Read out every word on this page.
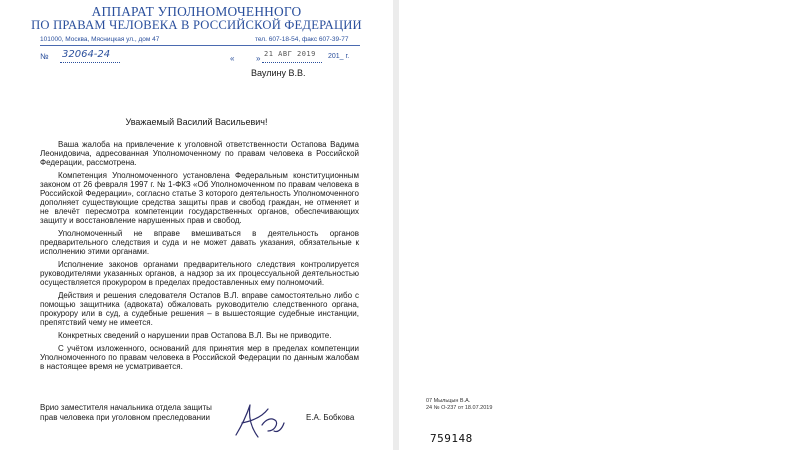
АППАРАТ УПОЛНОМОЧЕННОГО
ПО ПРАВАМ ЧЕЛОВЕКА В РОССИЙСКОЙ ФЕДЕРАЦИИ
101000, Москва, Мясницкая ул., дом 47	тел. 607-18-54, факс 607-39-77
№ 32064-24	«	» 21 АВГ 2019 201_ г.
Ваулину В.В.
Уважаемый Василий Васильевич!

Ваша жалоба на привлечение к уголовной ответственности Остапова Вадима Леонидовича, адресованная Уполномоченному по правам человека в Российской Федерации, рассмотрена.

Компетенция Уполномоченного установлена Федеральным конституционным законом от 26 февраля 1997 г. № 1-ФКЗ «Об Уполномоченном по правам человека в Российской Федерации», согласно статье 3 которого деятельность Уполномоченного дополняет существующие средства защиты прав и свобод граждан, не отменяет и не влечёт пересмотра компетенции государственных органов, обеспечивающих защиту и восстановление нарушенных прав и свобод.

Уполномоченный не вправе вмешиваться в деятельность органов предварительного следствия и суда и не может давать указания, обязательные к исполнению этими органами.

Исполнение законов органами предварительного следствия контролируется руководителями указанных органов, а надзор за их процессуальной деятельностью осуществляется прокурором в пределах предоставленных ему полномочий.

Действия и решения следователя Остапов В.Л. вправе самостоятельно либо с помощью защитника (адвоката) обжаловать руководителю следственного органа, прокурору или в суд, а судебные решения – в вышестоящие судебные инстанции, препятствий чему не имеется.

Конкретных сведений о нарушении прав Остапова В.Л. Вы не приводите.

С учётом изложенного, оснований для принятия мер в пределах компетенции Уполномоченного по правам человека в Российской Федерации по данным жалобам в настоящее время не усматривается.

Врио заместителя начальника отдела защиты
прав человека при уголовном преследовании	Е.А. Бобкова
07 Мыльцын В.А.
24 № О-237 от 18.07.2019
759148
